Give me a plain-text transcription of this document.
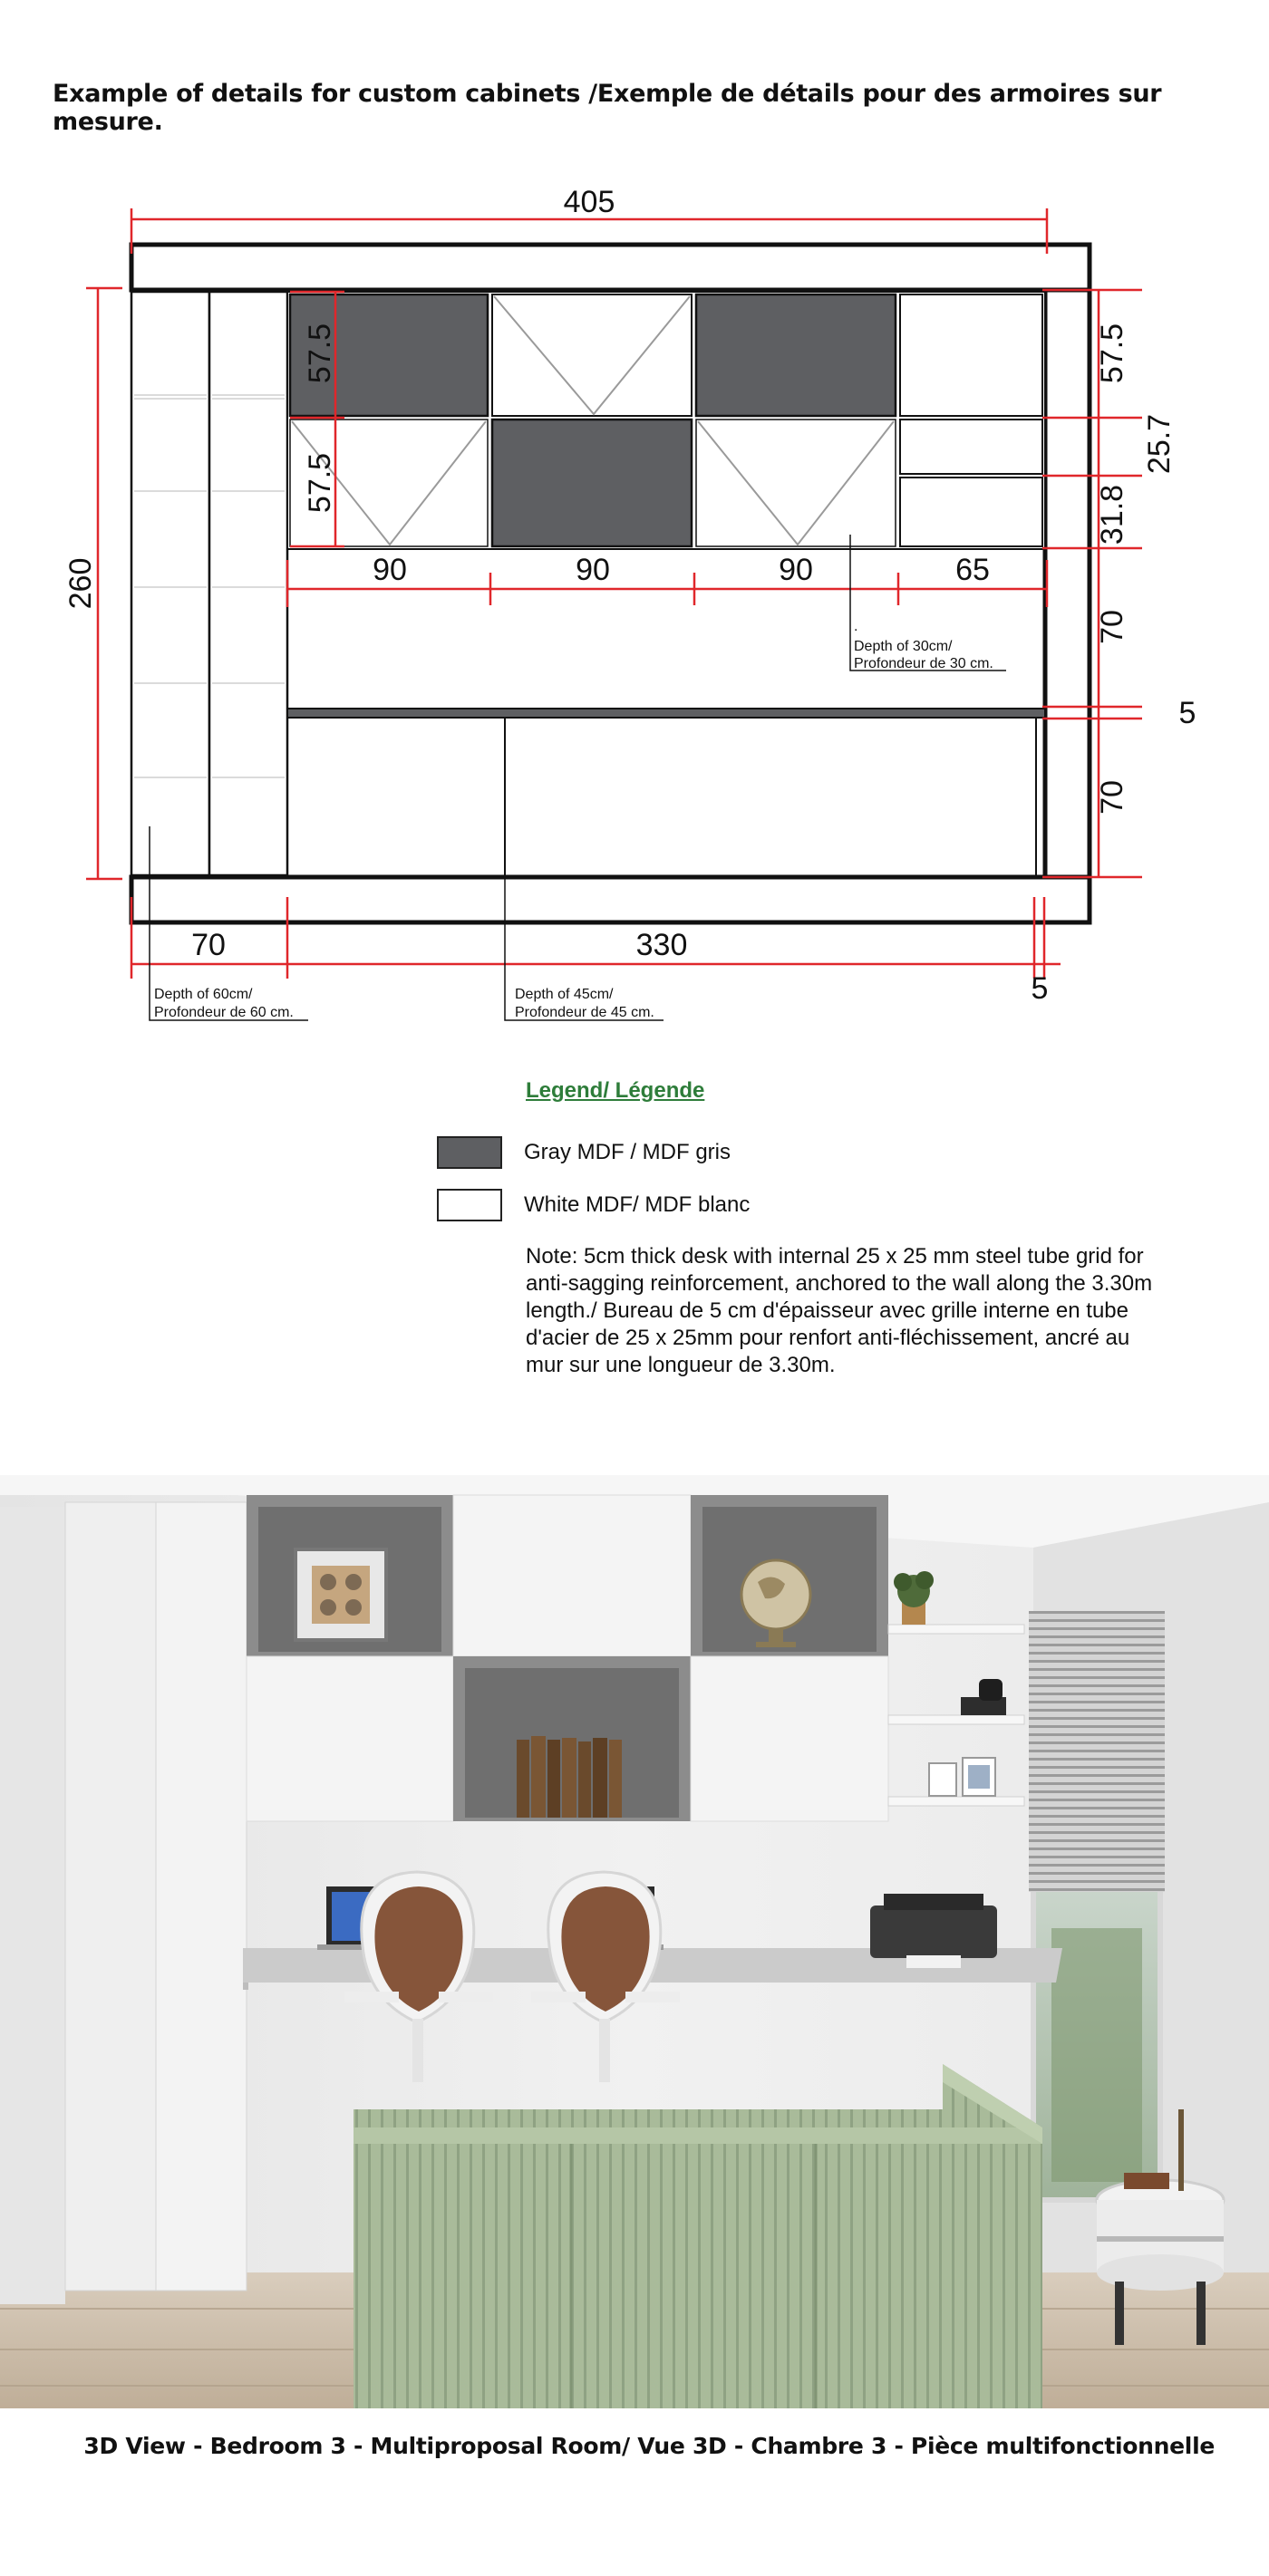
Example of details for custom cabinets /Exemple de détails pour des armoires sur mesure.
405
260
57.5
57.5
57.5
25.7
31.8
70
5
70
90	90	90	65
70	330
5
.
Depth of 30cm/
Profondeur de 30 cm.
Depth of 60cm/
Profondeur de 60 cm.
Depth of 45cm/
Profondeur de 45 cm.
Legend/ Légende
Gray MDF / MDF gris
White MDF/ MDF blanc
Note: 5cm thick desk with internal 25 x 25 mm steel tube grid for anti-sagging reinforcement, anchored to the wall along the 3.30m length./ Bureau de 5 cm d'épaisseur avec grille interne en tube d'acier de 25 x 25mm pour renfort anti-fléchissement, ancré au mur sur une longueur de 3.30m.
3D View - Bedroom 3 - Multiproposal Room/ Vue 3D - Chambre 3 - Pièce multifonctionnelle
